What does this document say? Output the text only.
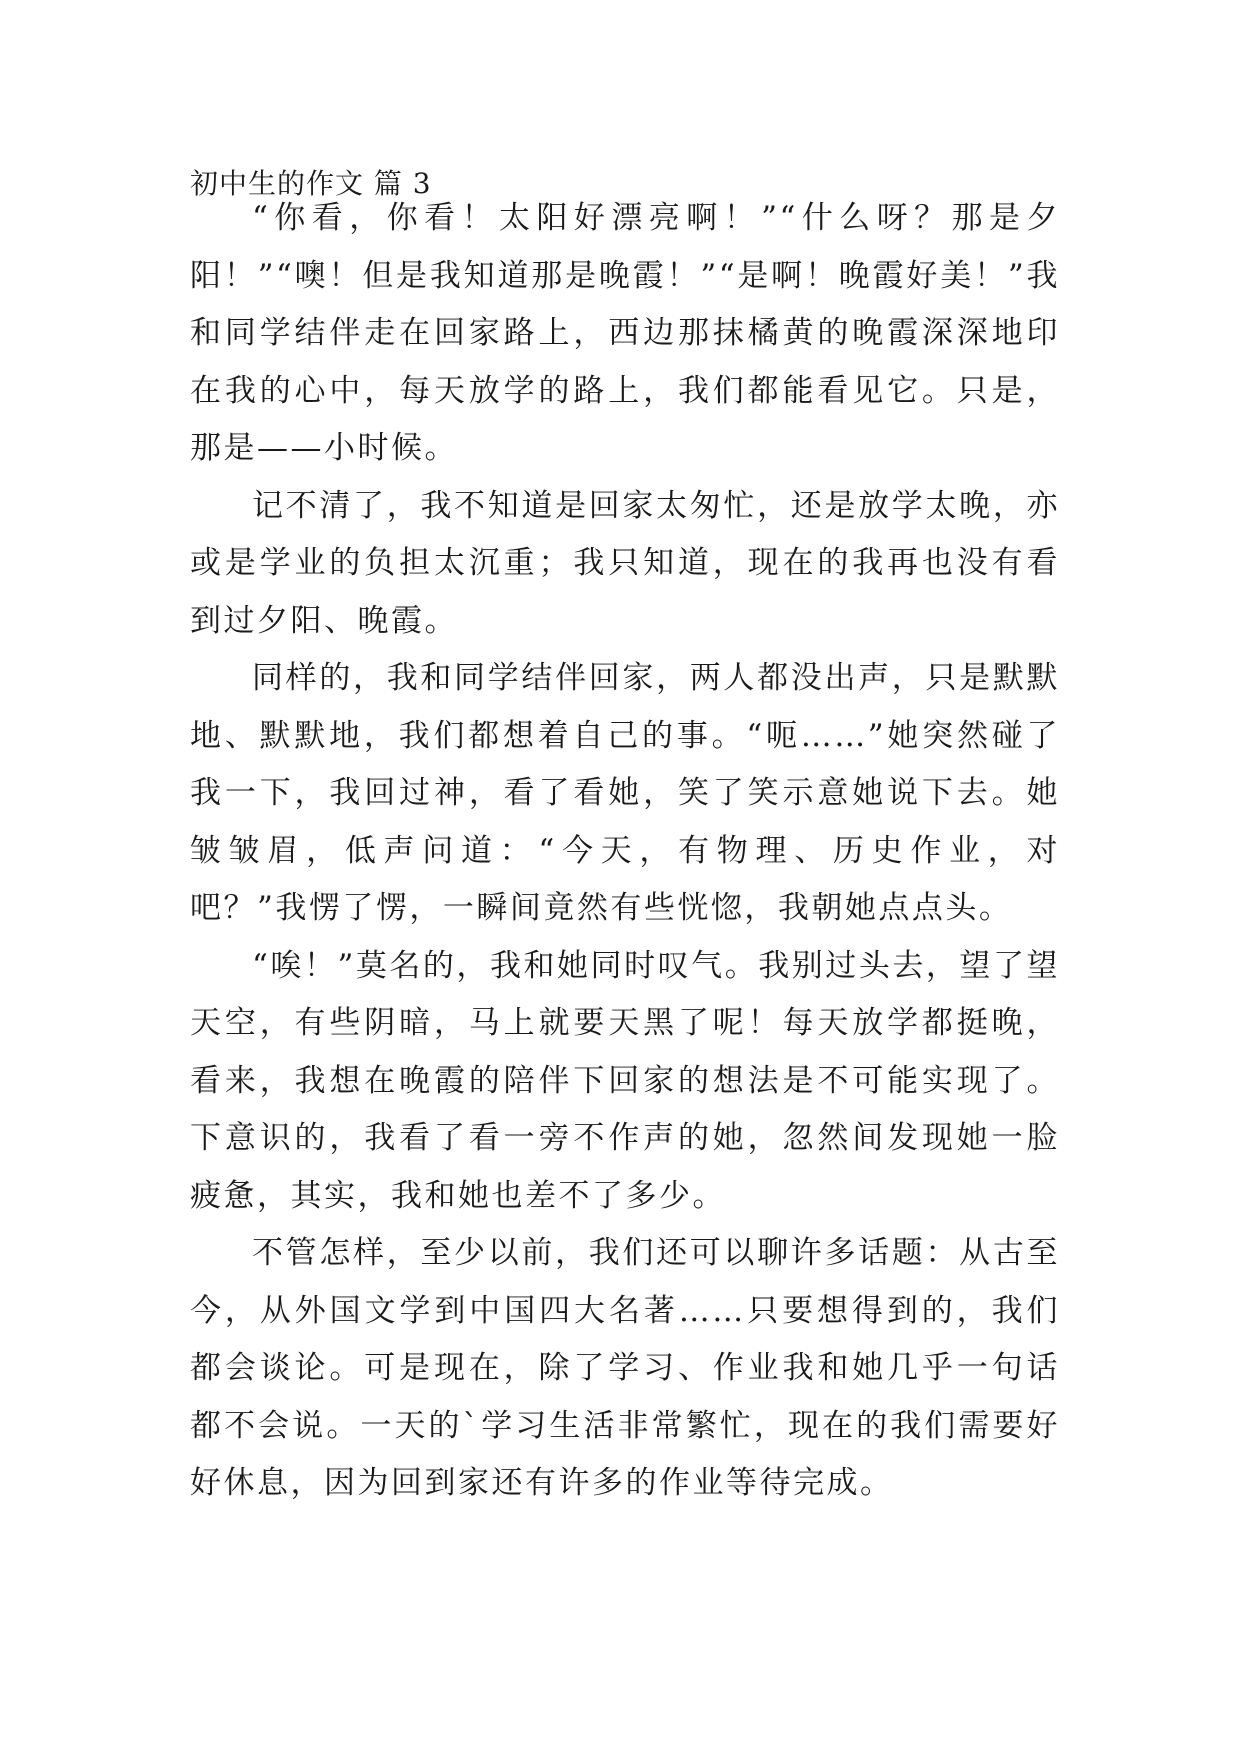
初中生的作文 篇 3

“你看，你看！太阳好漂亮啊！”“什么呀？那是夕阳！”“噢！但是我知道那是晚霞！”“是啊！晚霞好美！”我和同学结伴走在回家路上，西边那抹橘黄的晚霞深深地印在我的心中，每天放学的路上，我们都能看见它。只是，那是——小时候。

记不清了，我不知道是回家太匆忙，还是放学太晚，亦或是学业的负担太沉重；我只知道，现在的我再也没有看到过夕阳、晚霞。

同样的，我和同学结伴回家，两人都没出声，只是默默地、默默地，我们都想着自己的事。“呃……”她突然碰了我一下，我回过神，看了看她，笑了笑示意她说下去。她皱皱眉，低声问道：“今天，有物理、历史作业，对吧？”我愣了愣，一瞬间竟然有些恍惚，我朝她点点头。

“唉！”莫名的，我和她同时叹气。我别过头去，望了望天空，有些阴暗，马上就要天黑了呢！每天放学都挺晚，看来，我想在晚霞的陪伴下回家的想法是不可能实现了。下意识的，我看了看一旁不作声的她，忽然间发现她一脸疲惫，其实，我和她也差不了多少。

不管怎样，至少以前，我们还可以聊许多话题：从古至今，从外国文学到中国四大名著……只要想得到的，我们都会谈论。可是现在，除了学习、作业我和她几乎一句话都不会说。一天的`学习生活非常繁忙，现在的我们需要好好休息，因为回到家还有许多的作业等待完成。
